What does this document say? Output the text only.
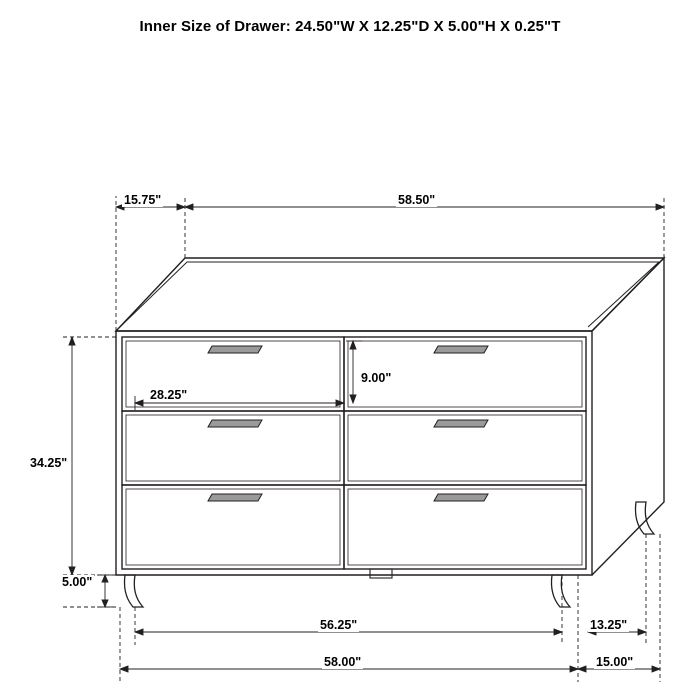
Inner Size of Drawer: 24.50"W X 12.25"D X 5.00"H X 0.25"T
15.75"	58.50"
28.25"
9.00"
34.25"
5.00"
56.25"
58.00"
13.25"
15.00"
